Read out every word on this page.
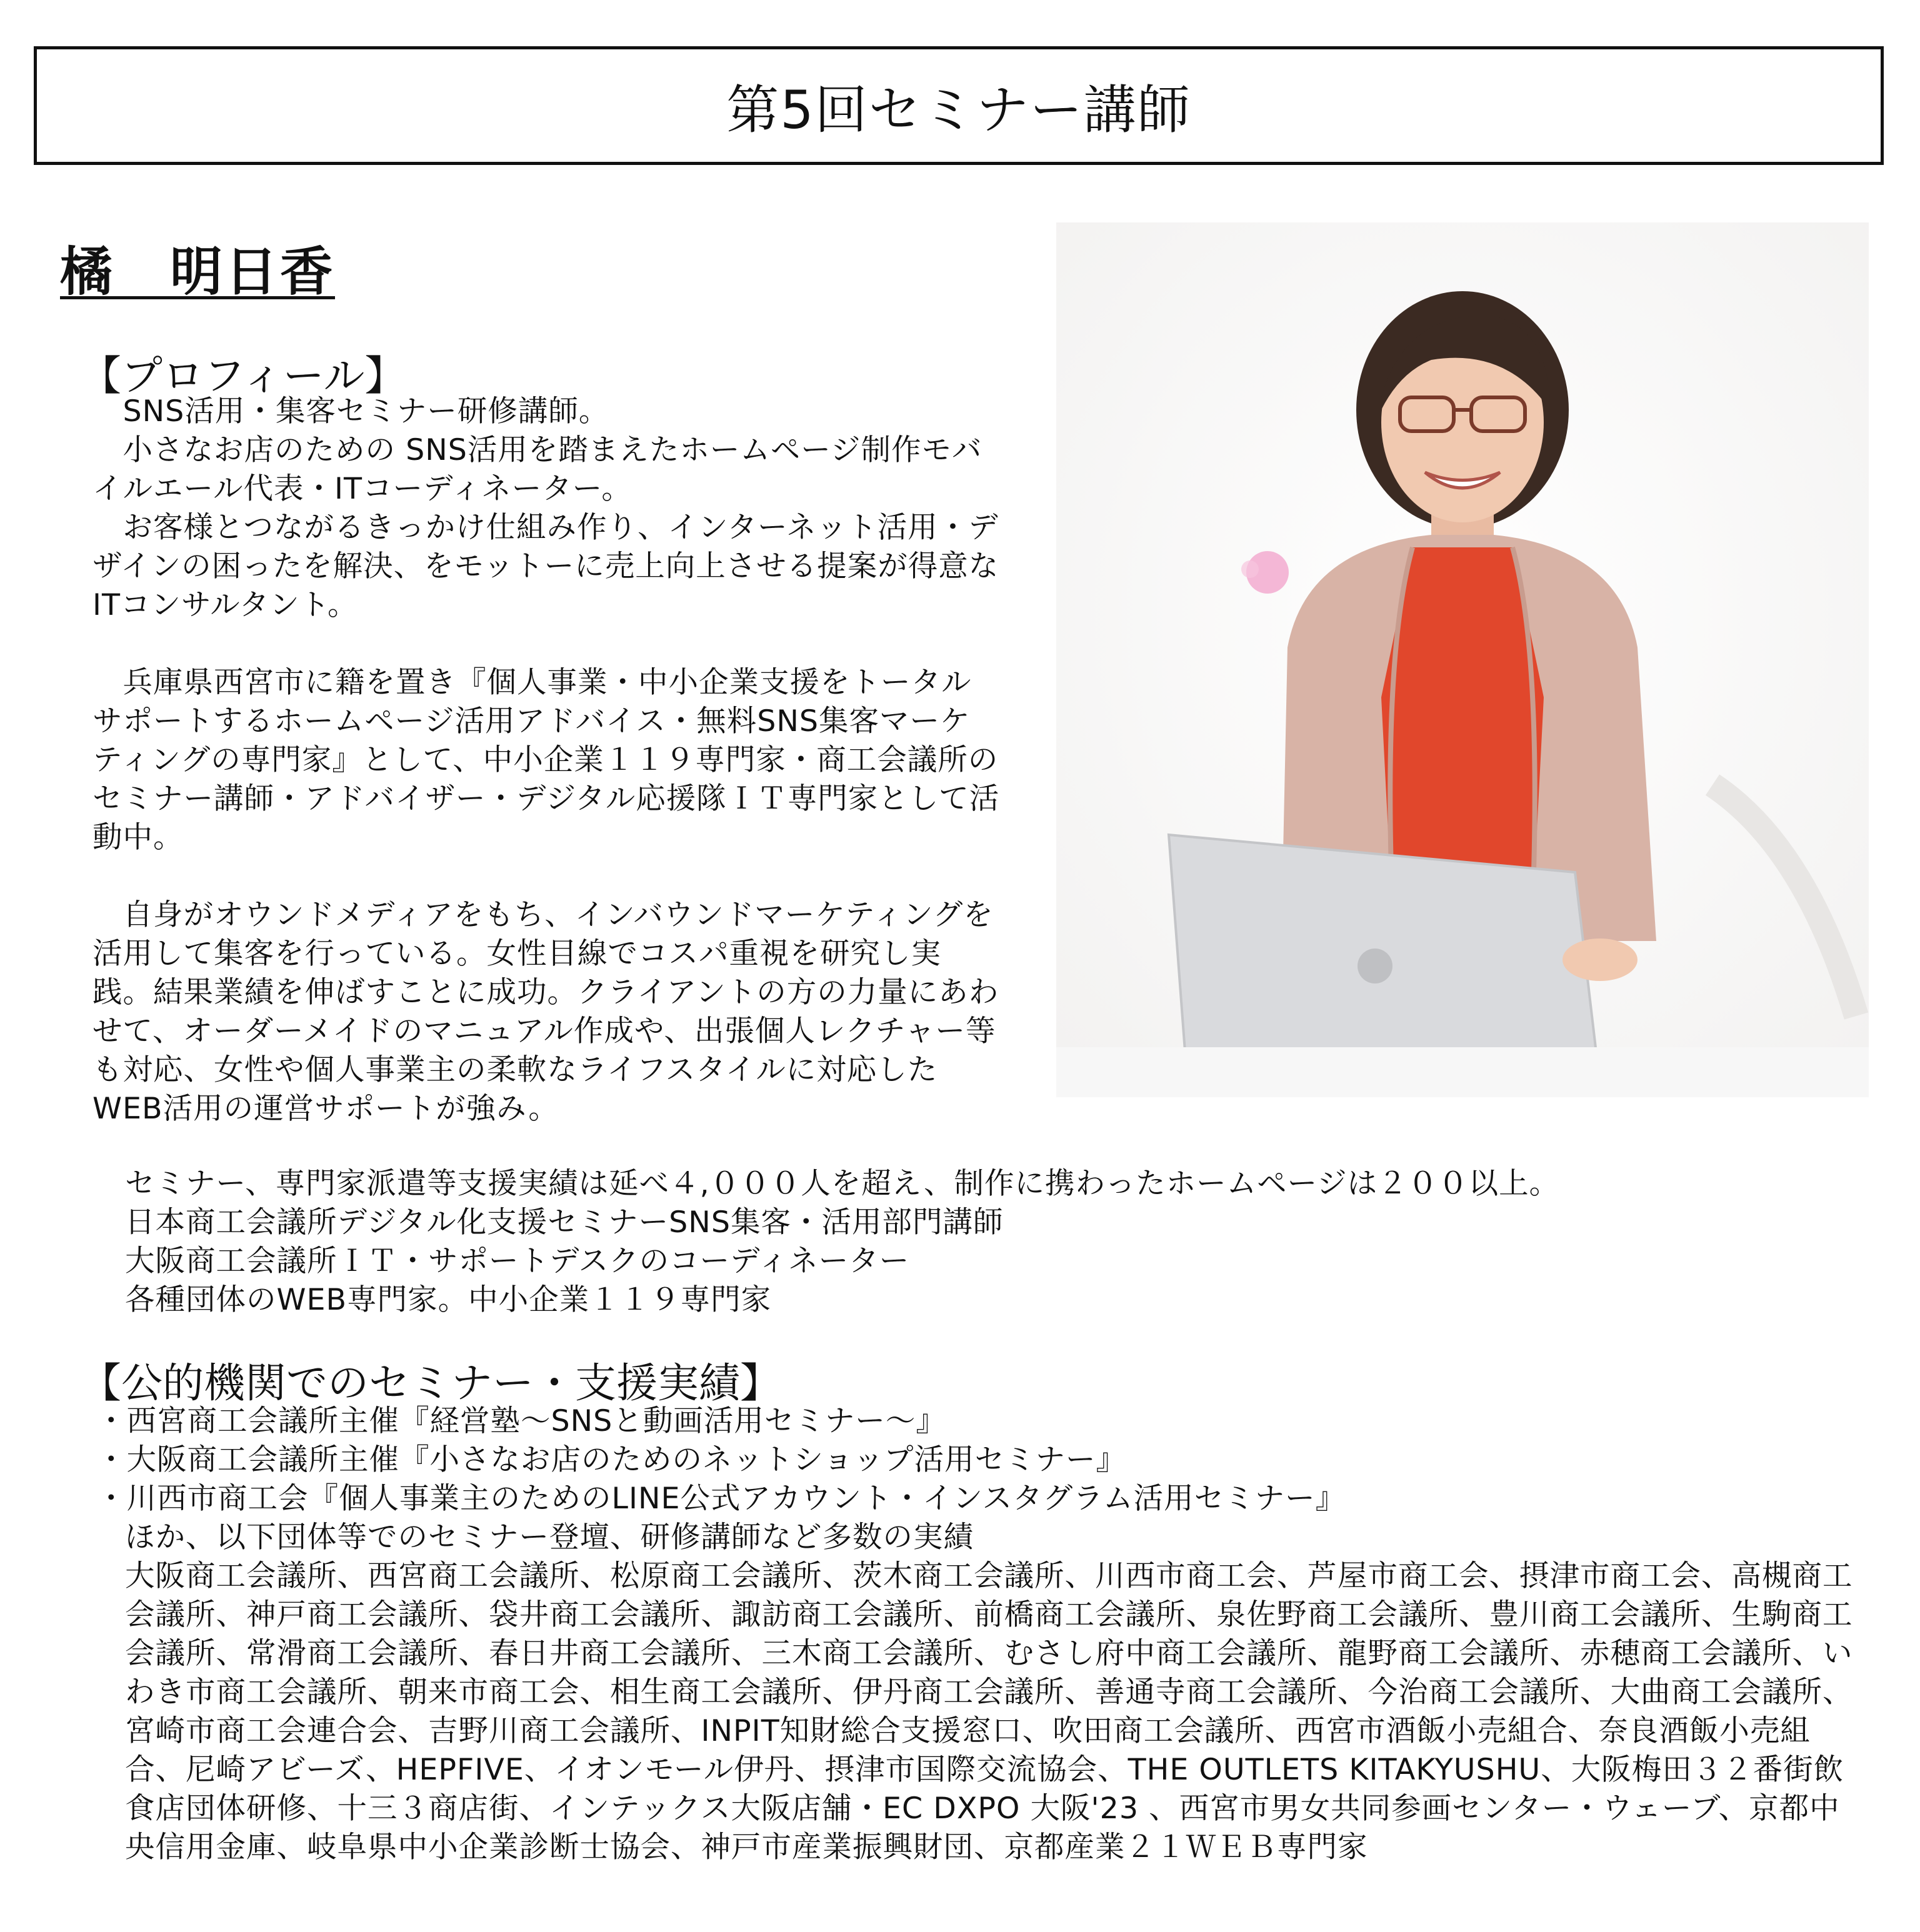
第5回セミナー講師
橘　明日香
【プロフィール】

　SNS活用・集客セミナー研修講師。
　小さなお店のための SNS活用を踏まえたホームページ制作モバイルエール代表・ITコーディネーター。
　お客様とつながるきっかけ仕組み作り、インターネット活用・デザインの困ったを解決、をモットーに売上向上させる提案が得意なITコンサルタント。

　兵庫県西宮市に籍を置き『個人事業・中小企業支援をトータルサポートするホームページ活用アドバイス・無料SNS集客マーケティングの専門家』として、中小企業１１９専門家・商工会議所のセミナー講師・アドバイザー・デジタル応援隊ＩＴ専門家として活動中。

　自身がオウンドメディアをもち、インバウンドマーケティングを活用して集客を行っている。女性目線でコスパ重視を研究し実践。結果業績を伸ばすことに成功。クライアントの方の力量にあわせて、オーダーメイドのマニュアル作成や、出張個人レクチャー等も対応、女性や個人事業主の柔軟なライフスタイルに対応したWEB活用の運営サポートが強み。

セミナー、専門家派遣等支援実績は延べ４,０００人を超え、制作に携わったホームページは２００以上。

日本商工会議所デジタル化支援セミナーSNS集客・活用部門講師

大阪商工会議所ＩＴ・サポートデスクのコーディネーター

各種団体のWEB専門家。中小企業１１９専門家

【公的機関でのセミナー・支援実績】
・西宮商工会議所主催『経営塾〜SNSと動画活用セミナー〜』
・大阪商工会議所主催『小さなお店のためのネットショップ活用セミナー』
・川西市商工会『個人事業主のためのLINE公式アカウント・インスタグラム活用セミナー』

ほか、以下団体等でのセミナー登壇、研修講師など多数の実績

大阪商工会議所、西宮商工会議所、松原商工会議所、茨木商工会議所、川西市商工会、芦屋市商工会、摂津市商工会、高槻商工会議所、神戸商工会議所、袋井商工会議所、諏訪商工会議所、前橋商工会議所、泉佐野商工会議所、豊川商工会議所、生駒商工会議所、常滑商工会議所、春日井商工会議所、三木商工会議所、むさし府中商工会議所、龍野商工会議所、赤穂商工会議所、いわき市商工会議所、朝来市商工会、相生商工会議所、伊丹商工会議所、善通寺商工会議所、今治商工会議所、大曲商工会議所、宮崎市商工会連合会、吉野川商工会議所、INPIT知財総合支援窓口、吹田商工会議所、西宮市酒飯小売組合、奈良酒飯小売組合、尼崎アビーズ、HEPFIVE、イオンモール伊丹、摂津市国際交流協会、THE OUTLETS KITAKYUSHU、大阪梅田３２番街飲食店団体研修、十三３商店街、インテックス大阪店舗・EC DXPO 大阪'23 、西宮市男女共同参画センター・ウェーブ、京都中央信用金庫、岐阜県中小企業診断士協会、神戸市産業振興財団、京都産業２１ＷＥＢ専門家
